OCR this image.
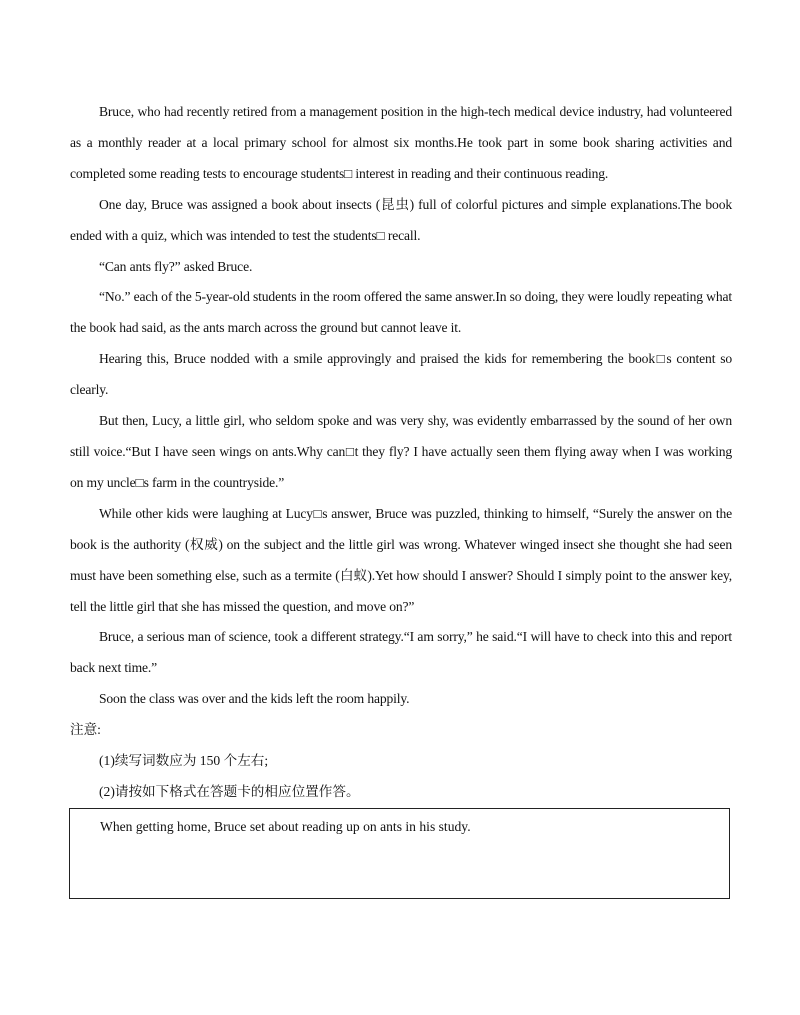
Bruce, who had recently retired from a management position in the high-tech medical device industry, had volunteered as a monthly reader at a local primary school for almost six months.He took part in some book sharing activities and completed some reading tests to encourage students□ interest in reading and their continuous reading.

One day, Bruce was assigned a book about insects (昆虫) full of colorful pictures and simple explanations.The book ended with a quiz, which was intended to test the students□ recall.

“Can ants fly?” asked Bruce.

“No.” each of the 5-year-old students in the room offered the same answer.In so doing, they were loudly repeating what the book had said, as the ants march across the ground but cannot leave it.

Hearing this, Bruce nodded with a smile approvingly and praised the kids for remembering the book□s content so clearly.

But then, Lucy, a little girl, who seldom spoke and was very shy, was evidently embarrassed by the sound of her own still voice.“But I have seen wings on ants.Why can□t they fly? I have actually seen them flying away when I was working on my uncle□s farm in the countryside.”

While other kids were laughing at Lucy□s answer, Bruce was puzzled, thinking to himself, “Surely the answer on the book is the authority (权威) on the subject and the little girl was wrong. Whatever winged insect she thought she had seen must have been something else, such as a termite (白蚁).Yet how should I answer? Should I simply point to the answer key, tell the little girl that she has missed the question, and move on?”

Bruce, a serious man of science, took a different strategy.“I am sorry,” he said.“I will have to check into this and report back next time.”

Soon the class was over and the kids left the room happily.

注意:

(1)续写词数应为 150 个左右;

(2)请按如下格式在答题卡的相应位置作答。

When getting home, Bruce set about reading up on ants in his study.
